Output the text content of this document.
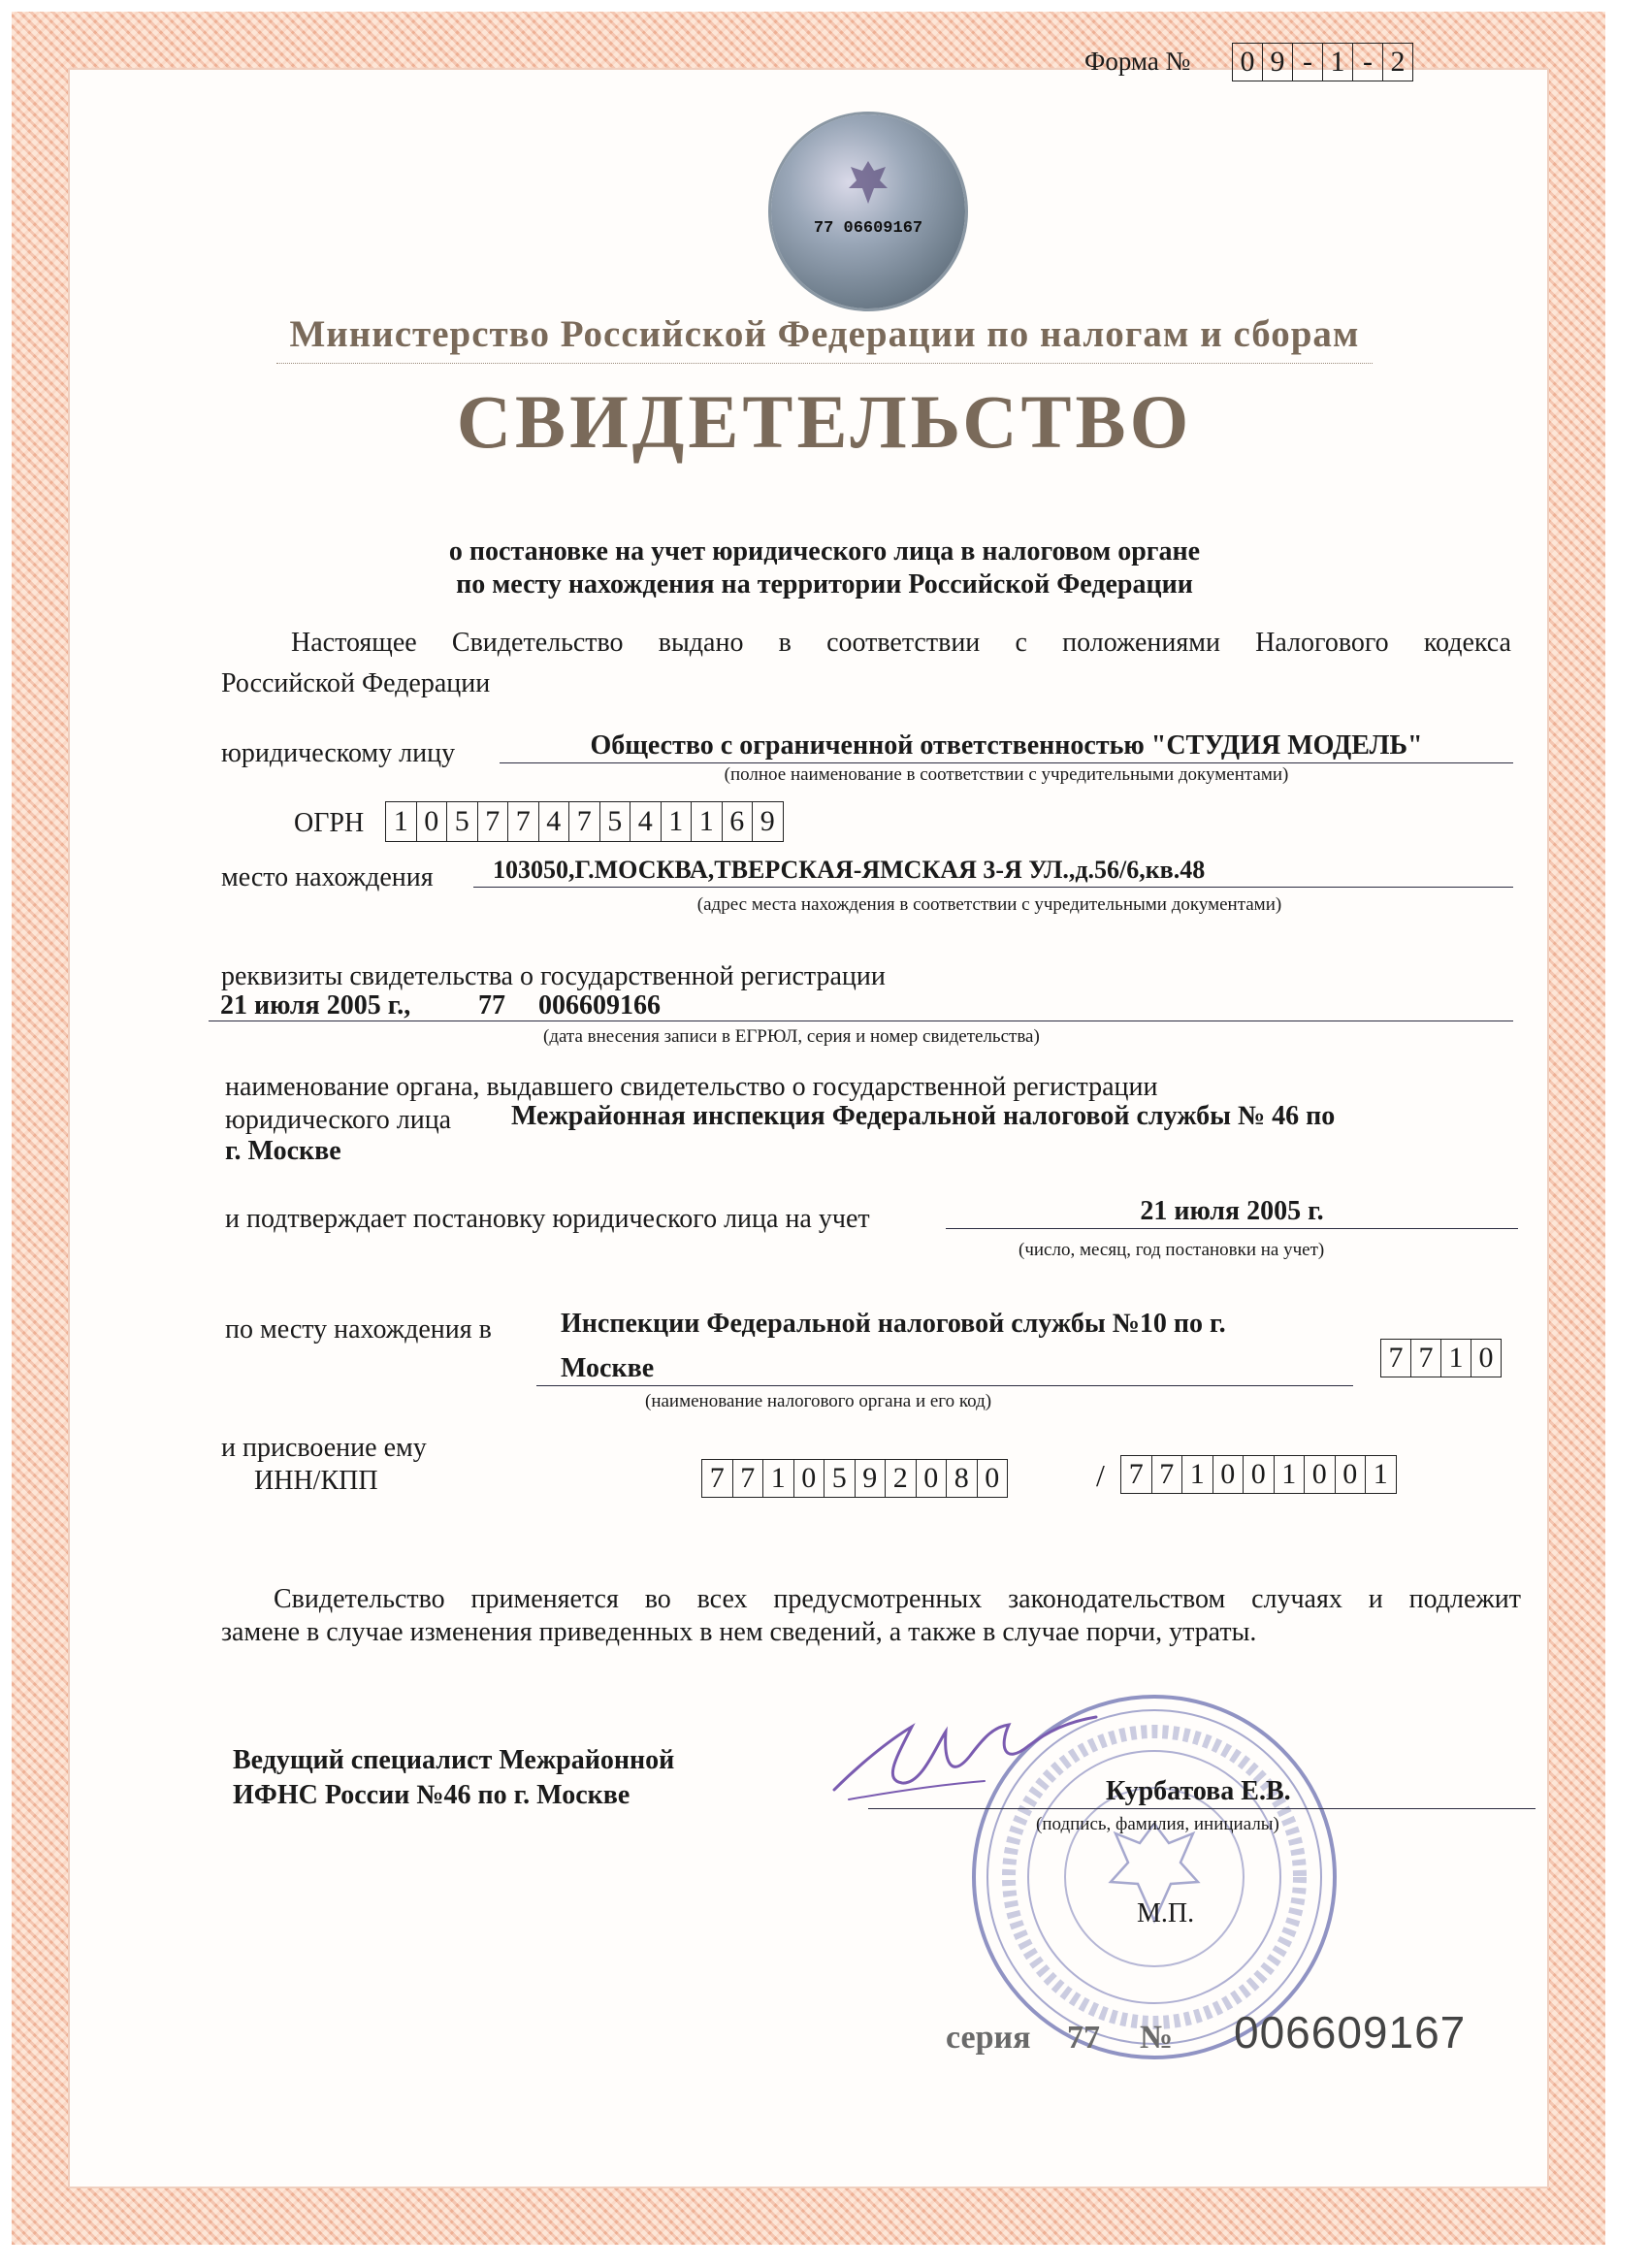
Форма № 0 9 - 1 - 2
77 06609167
Министерство Российской Федерации по налогам и сборам
СВИДЕТЕЛЬСТВО
о постановке на учет юридического лица в налоговом органе
по месту нахождения на территории Российской Федерации
Настоящее Свидетельство выдано в соответствии с положениями Налогового кодекса
Российской Федерации
юридическому лицу	Общество с ограниченной ответственностью "СТУДИЯ МОДЕЛЬ"
(полное наименование в соответствии с учредительными документами)
ОГРН 1 0 5 7 7 4 7 5 4 1 1 6 9
место нахождения	103050,Г.МОСКВА,ТВЕРСКАЯ-ЯМСКАЯ 3-Я УЛ.,д.56/6,кв.48
(адрес места нахождения в соответствии с учредительными документами)
реквизиты свидетельства о государственной регистрации
21 июля 2005 г., 77 006609166
(дата внесения записи в ЕГРЮЛ, серия и номер свидетельства)
наименование органа, выдавшего свидетельство о государственной регистрации
юридического лица Межрайонная инспекция Федеральной налоговой службы № 46 по
г. Москве
и подтверждает постановку юридического лица на учет	21 июля 2005 г.
(число, месяц, год постановки на учет)
по месту нахождения в	Инспекции Федеральной налоговой службы №10 по г.
Москве
(наименование налогового органа и его код)
7 7 1 0
и присвоение ему
ИНН/КПП	7 7 1 0 5 9 2 0 8 0	/ 7 7 1 0 0 1 0 0 1
Свидетельство применяется во всех предусмотренных законодательством случаях и подлежит
замене в случае изменения приведенных в нем сведений, а также в случае порчи, утраты.
Ведущий специалист Межрайонной
ИФНС России №46 по г. Москве	Курбатова Е.В.
(подпись, фамилия, инициалы)
М.П.
серия 77 № 006609167
